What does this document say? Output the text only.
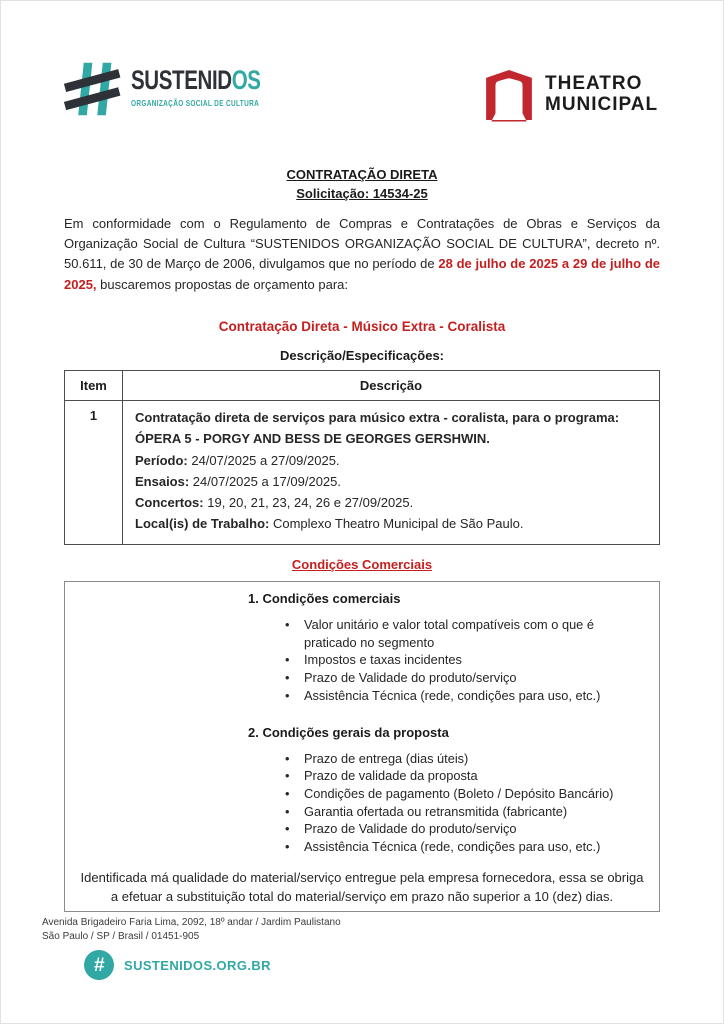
SUSTENIDOS
ORGANIZAÇÃO SOCIAL DE CULTURA
THEATRO
MUNICIPAL
CONTRATAÇÃO DIRETA
Solicitação: 14534-25

Em conformidade com o Regulamento de Compras e Contratações de Obras e Serviços da Organização Social de Cultura “SUSTENIDOS ORGANIZAÇÃO SOCIAL DE CULTURA”, decreto nº. 50.611, de 30 de Março de 2006, divulgamos que no período de 28 de julho de 2025 a 29 de julho de 2025, buscaremos propostas de orçamento para:

Contratação Direta - Músico Extra - Coralista
Descrição/Especificações:
Item	Descrição
1	Contratação direta de serviços para músico extra - coralista, para o programa: ÓPERA 5 - PORGY AND BESS DE GEORGES GERSHWIN.

Período: 24/07/2025 a 27/09/2025.

Ensaios: 24/07/2025 a 17/09/2025.

Concertos: 19, 20, 21, 23, 24, 26 e 27/09/2025.

Local(is) de Trabalho: Complexo Theatro Municipal de São Paulo.

Condições Comerciais
1. Condições comerciais
• Valor unitário e valor total compatíveis com o que é praticado no segmento
• Impostos e taxas incidentes
• Prazo de Validade do produto/serviço
• Assistência Técnica (rede, condições para uso, etc.)
2. Condições gerais da proposta
• Prazo de entrega (dias úteis)
• Prazo de validade da proposta
• Condições de pagamento (Boleto / Depósito Bancário)
• Garantia ofertada ou retransmitida (fabricante)
• Prazo de Validade do produto/serviço
• Assistência Técnica (rede, condições para uso, etc.)

Identificada má qualidade do material/serviço entregue pela empresa fornecedora, essa se obriga a efetuar a substituição total do material/serviço em prazo não superior a 10 (dez) dias.

Avenida Brigadeiro Faria Lima, 2092, 18º andar / Jardim Paulistano
São Paulo / SP / Brasil / 01451-905
# SUSTENIDOS.ORG.BR
